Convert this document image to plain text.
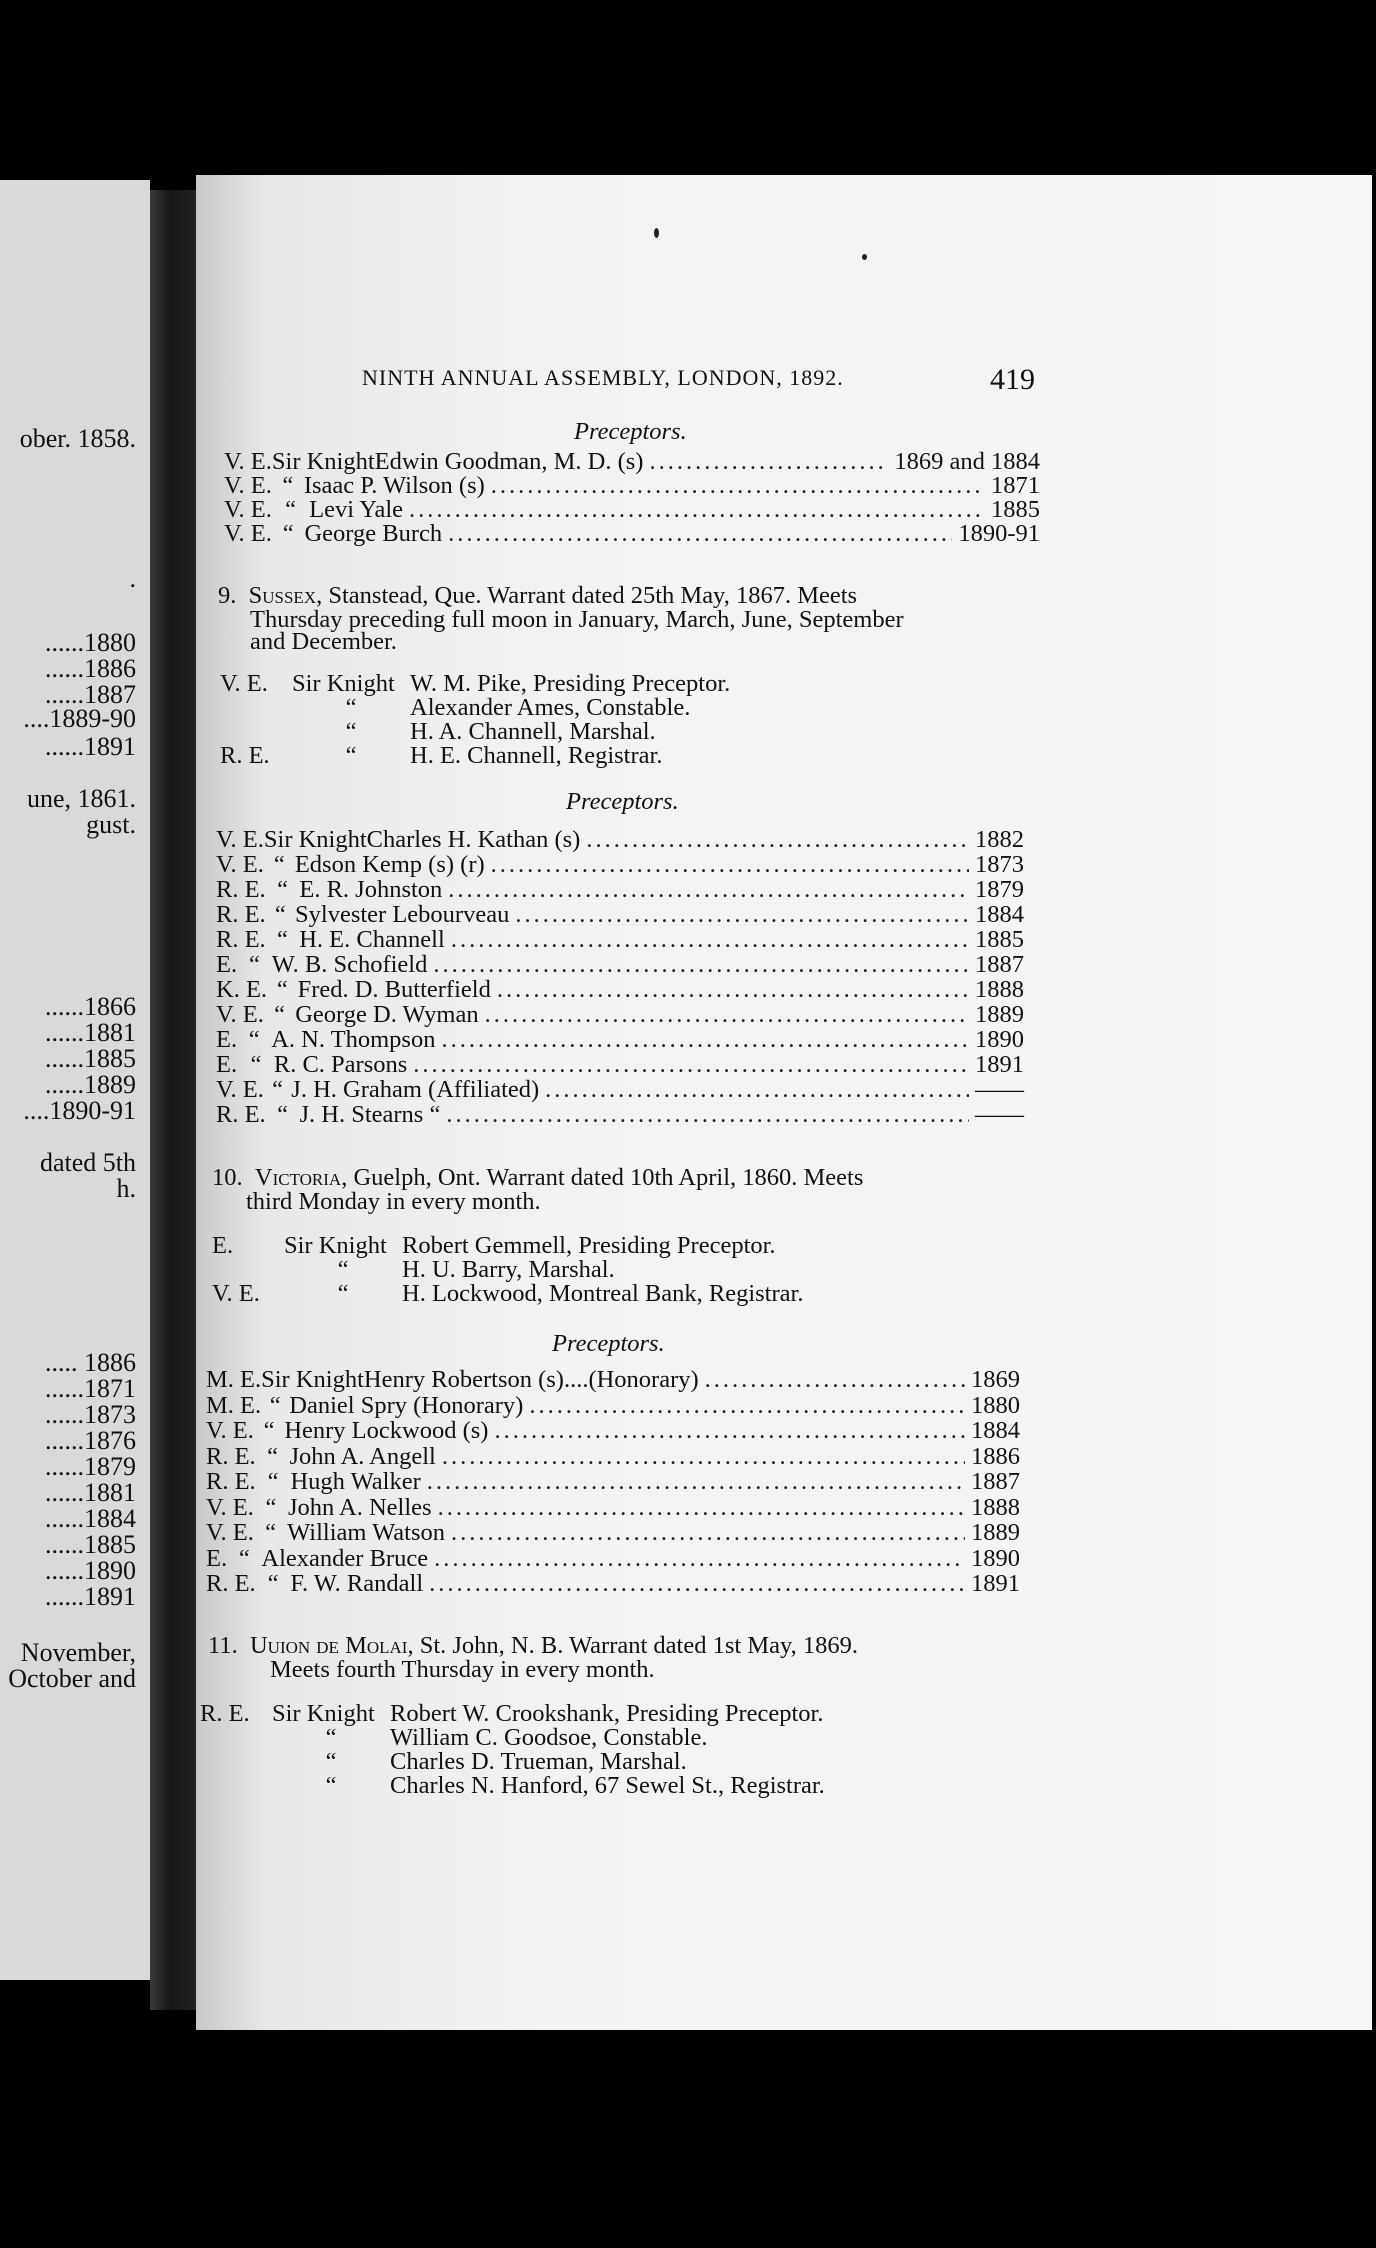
ober. 1858.
.
......1880
......1886
......1887
....1889-90
......1891
une, 1861.
gust.
......1866
......1881
......1885
......1889
....1890-91
dated 5th
h.
..... 1886
......1871
......1873
......1876
......1879
......1881
......1884
......1885
......1890
......1891
November,
October and
NINTH ANNUAL ASSEMBLY, LONDON, 1892.	419
Preceptors.
V. E. Sir Knight Edwin Goodman, M. D. (s) .....	1869 and 1884
V. E. “ Isaac P. Wilson (s) .....	1871
V. E. “ Levi Yale .....	1885
V. E. “ George Burch .....	1890-91
9. Sussex, Stanstead, Que. Warrant dated 25th May, 1867. Meets
Thursday preceding full moon in January, March, June, September
and December.
V. E. Sir Knight W. M. Pike, Presiding Preceptor.
“ Alexander Ames, Constable.
“ H. A. Channell, Marshal.
R. E.	“ H. E. Channell, Registrar.
Preceptors.
V. E. Sir Knight Charles H. Kathan (s) .....	1882
V. E. “ Edson Kemp (s) (r) .....	1873
R. E. “ E. R. Johnston .....	1879
R. E. “ Sylvester Lebourveau .....	1884
R. E. “ H. E. Channell .....	1885
E. “ W. B. Schofield .....	1887
K. E. “ Fred. D. Butterfield .....	1888
V. E. “ George D. Wyman .....	1889
E. “ A. N. Thompson .....	1890
E. “ R. C. Parsons .....	1891
V. E. “ J. H. Graham (Affiliated) .....	——
R. E. “ J. H. Stearns “ .....	——
10. Victoria, Guelph, Ont. Warrant dated 10th April, 1860. Meets
third Monday in every month.
E. Sir Knight Robert Gemmell, Presiding Preceptor.
“ H. U. Barry, Marshal.
V. E.	“ H. Lockwood, Montreal Bank, Registrar.
Preceptors.
M. E. Sir Knight Henry Robertson (s)....(Honorary) .....	1869
M. E. “ Daniel Spry (Honorary) .....	1880
V. E. “ Henry Lockwood (s) .....	1884
R. E. “ John A. Angell .....	1886
R. E. “ Hugh Walker .....	1887
V. E. “ John A. Nelles .....	1888
V. E. “ William Watson .....	1889
E. “ Alexander Bruce .....	1890
R. E. “ F. W. Randall .....	1891
11. Uuion de Molai, St. John, N. B. Warrant dated 1st May, 1869.
Meets fourth Thursday in every month.
R. E. Sir Knight Robert W. Crookshank, Presiding Preceptor.
“ William C. Goodsoe, Constable.
“ Charles D. Trueman, Marshal.
“ Charles N. Hanford, 67 Sewel St., Registrar.
